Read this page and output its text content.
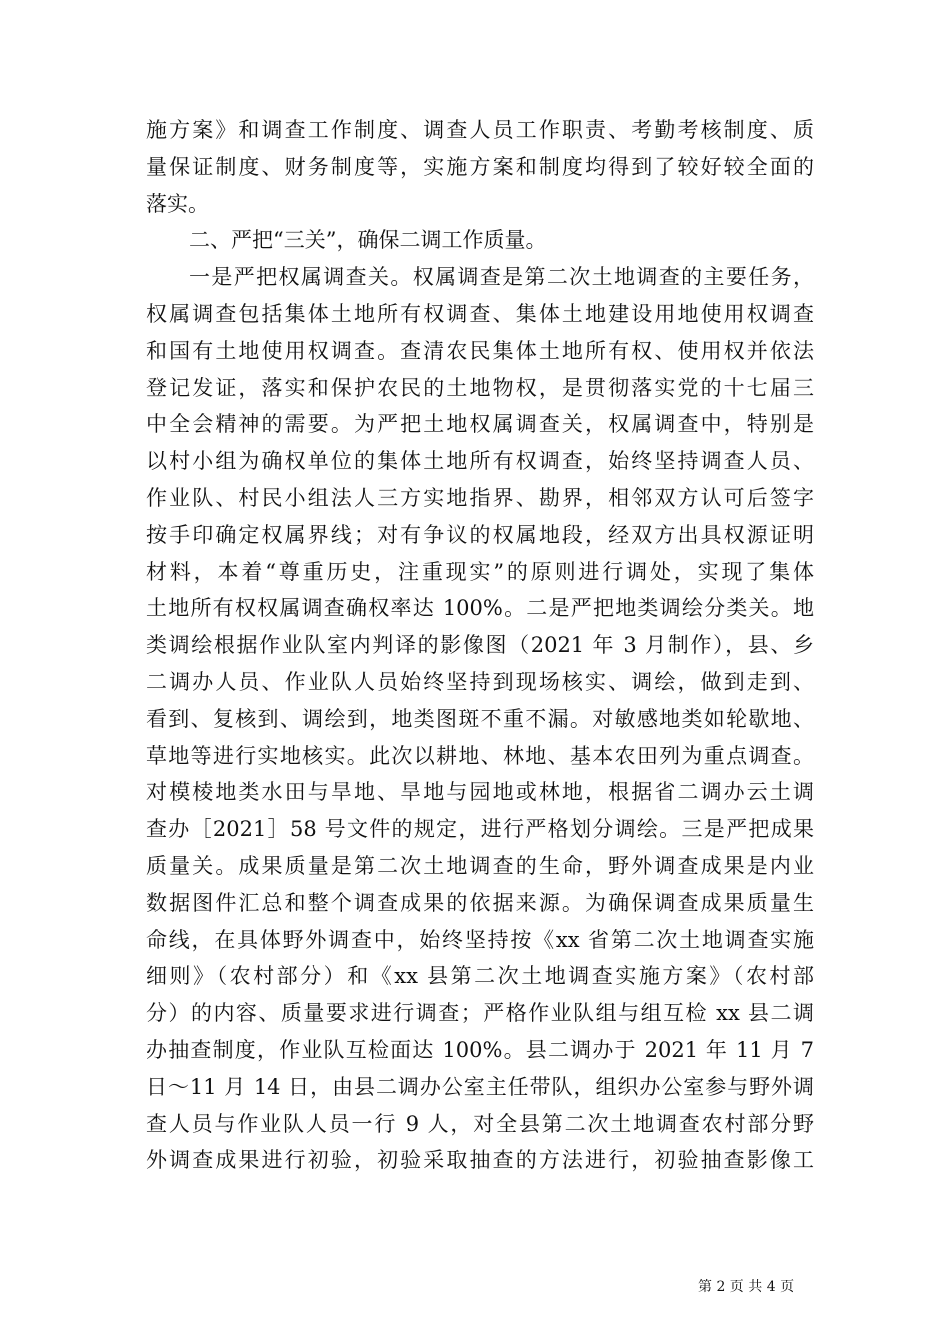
施方案》和调查工作制度、调查人员工作职责、考勤考核制度、质
量保证制度、财务制度等，实施方案和制度均得到了较好较全面的
落实。
二、严把“三关”，确保二调工作质量。
一是严把权属调查关。权属调查是第二次土地调查的主要任务，
权属调查包括集体土地所有权调查、集体土地建设用地使用权调查
和国有土地使用权调查。查清农民集体土地所有权、使用权并依法
登记发证，落实和保护农民的土地物权，是贯彻落实党的十七届三
中全会精神的需要。为严把土地权属调查关，权属调查中，特别是
以村小组为确权单位的集体土地所有权调查，始终坚持调查人员、
作业队、村民小组法人三方实地指界、勘界，相邻双方认可后签字
按手印确定权属界线；对有争议的权属地段，经双方出具权源证明
材料，本着“尊重历史，注重现实”的原则进行调处，实现了集体
土地所有权权属调查确权率达 100%。二是严把地类调绘分类关。地
类调绘根据作业队室内判译的影像图（2021 年 3 月制作），县、乡
二调办人员、作业队人员始终坚持到现场核实、调绘，做到走到、
看到、复核到、调绘到，地类图斑不重不漏。对敏感地类如轮歇地、
草地等进行实地核实。此次以耕地、林地、基本农田列为重点调查。
对模棱地类水田与旱地、旱地与园地或林地，根据省二调办云土调
查办［2021］58 号文件的规定，进行严格划分调绘。三是严把成果
质量关。成果质量是第二次土地调查的生命，野外调查成果是内业
数据图件汇总和整个调查成果的依据来源。为确保调查成果质量生
命线，在具体野外调查中，始终坚持按《xx 省第二次土地调查实施
细则》（农村部分）和《xx 县第二次土地调查实施方案》（农村部
分）的内容、质量要求进行调查；严格作业队组与组互检 xx 县二调
办抽查制度，作业队互检面达 100%。县二调办于 2021 年 11 月 7
日～11 月 14 日，由县二调办公室主任带队，组织办公室参与野外调
查人员与作业队人员一行 9 人，对全县第二次土地调查农村部分野
外调查成果进行初验，初验采取抽查的方法进行，初验抽查影像工
第 2 页 共 4 页
